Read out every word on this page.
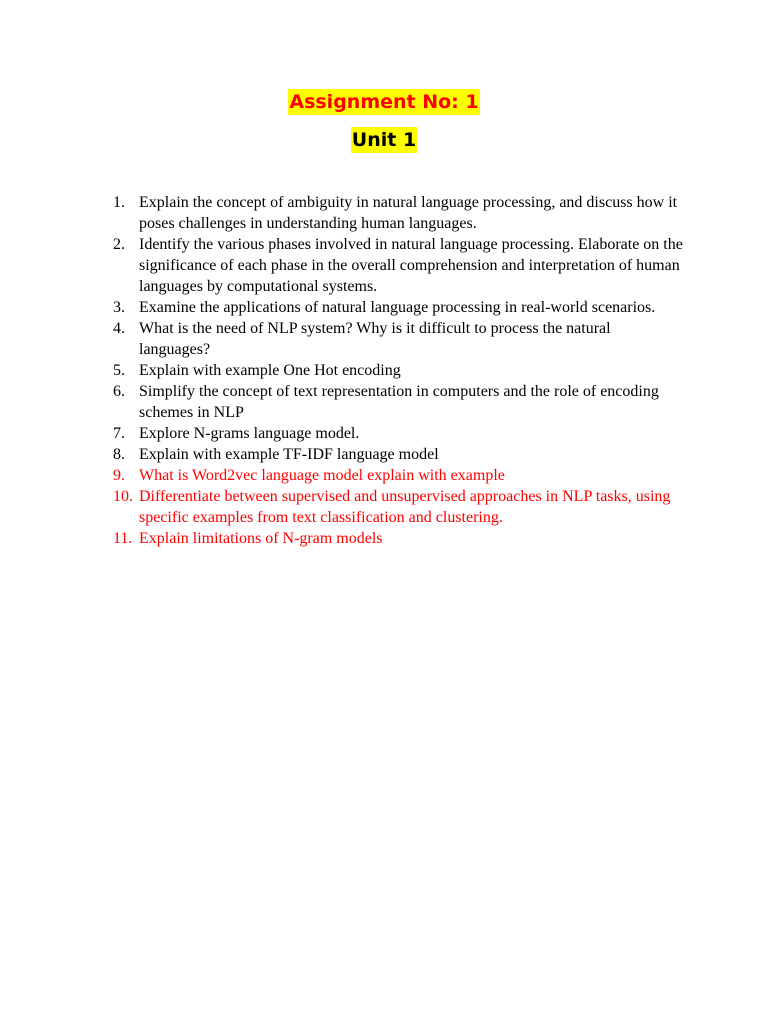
Assignment No: 1
Unit 1
1. Explain the concept of ambiguity in natural language processing, and discuss how it poses challenges in understanding human languages.
2. Identify the various phases involved in natural language processing. Elaborate on the significance of each phase in the overall comprehension and interpretation of human languages by computational systems.
3. Examine the applications of natural language processing in real-world scenarios.
4. What is the need of NLP system? Why is it difficult to process the natural languages?
5. Explain with example One Hot encoding
6. Simplify the concept of text representation in computers and the role of encoding schemes in NLP
7. Explore N-grams language model.
8. Explain with example TF-IDF language model
9. What is Word2vec language model explain with example
10. Differentiate between supervised and unsupervised approaches in NLP tasks, using specific examples from text classification and clustering.
11. Explain limitations of N-gram models
